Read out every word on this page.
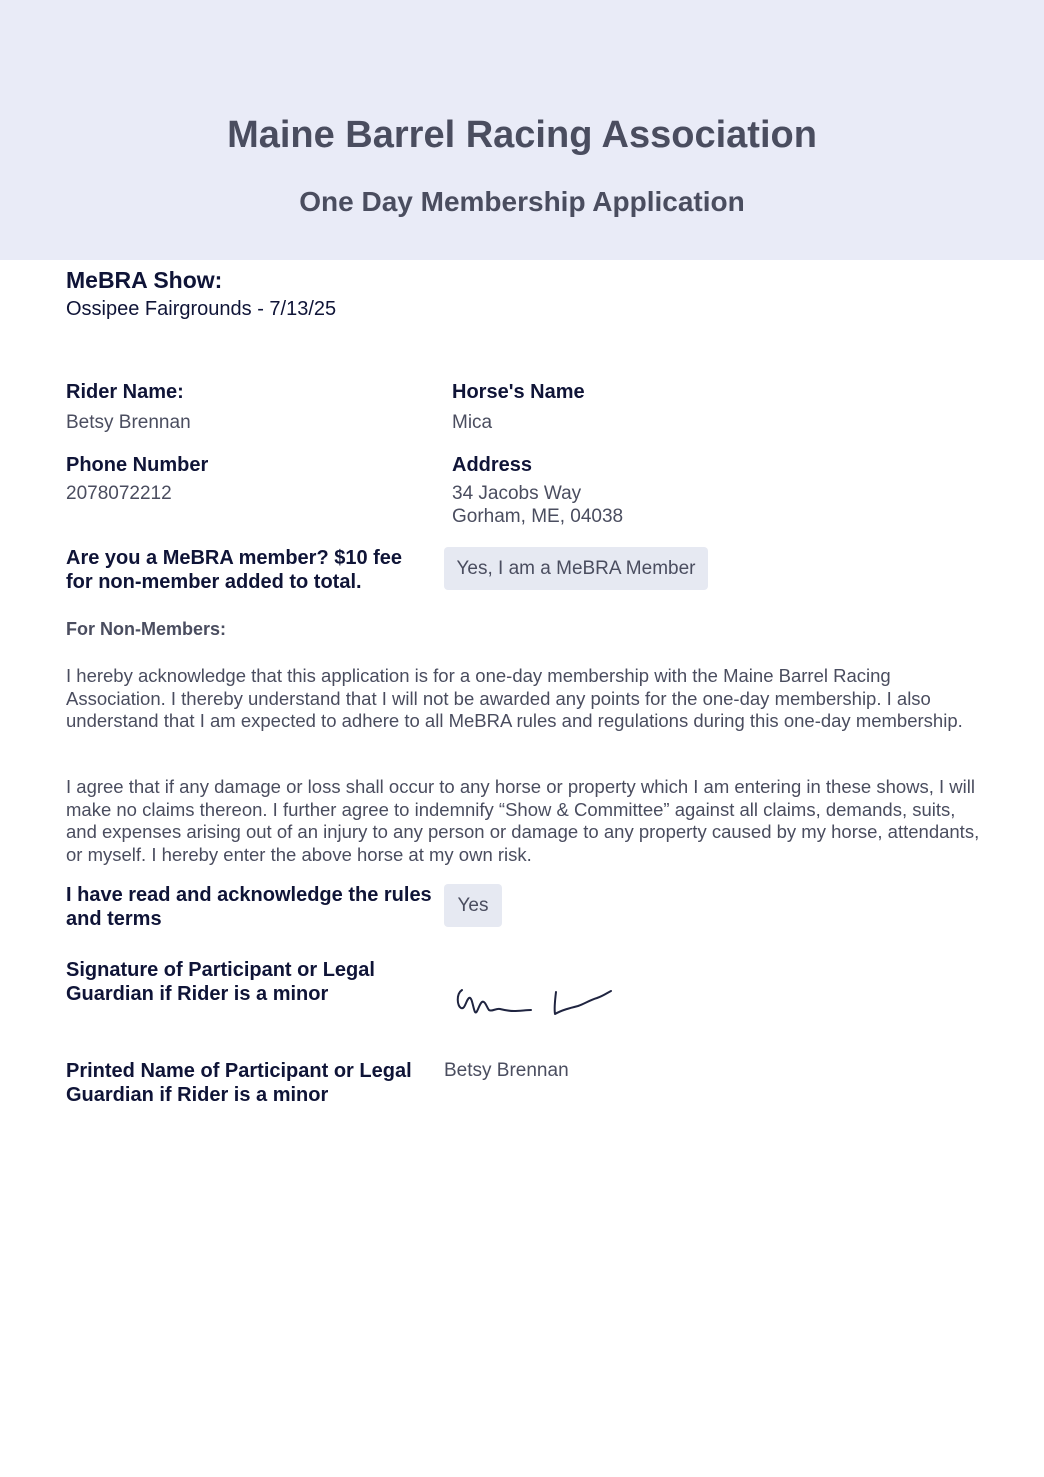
Maine Barrel Racing Association
One Day Membership Application
MeBRA Show:
Ossipee Fairgrounds - 7/13/25
Rider Name:
Betsy Brennan
Horse's Name
Mica
Phone Number
2078072212
Address
34 Jacobs Way
Gorham, ME, 04038
Are you a MeBRA member? $10 fee
for non-member added to total.
Yes, I am a MeBRA Member
For Non-Members:
I hereby acknowledge that this application is for a one-day membership with the Maine Barrel Racing Association. I thereby understand that I will not be awarded any points for the one-day membership. I also understand that I am expected to adhere to all MeBRA rules and regulations during this one-day membership.
I agree that if any damage or loss shall occur to any horse or property which I am entering in these shows, I will make no claims thereon. I further agree to indemnify “Show & Committee” against all claims, demands, suits, and expenses arising out of an injury to any person or damage to any property caused by my horse, attendants, or myself. I hereby enter the above horse at my own risk.
I have read and acknowledge the rules
and terms
Yes
Signature of Participant or Legal
Guardian if Rider is a minor
Printed Name of Participant or Legal
Guardian if Rider is a minor
Betsy Brennan
